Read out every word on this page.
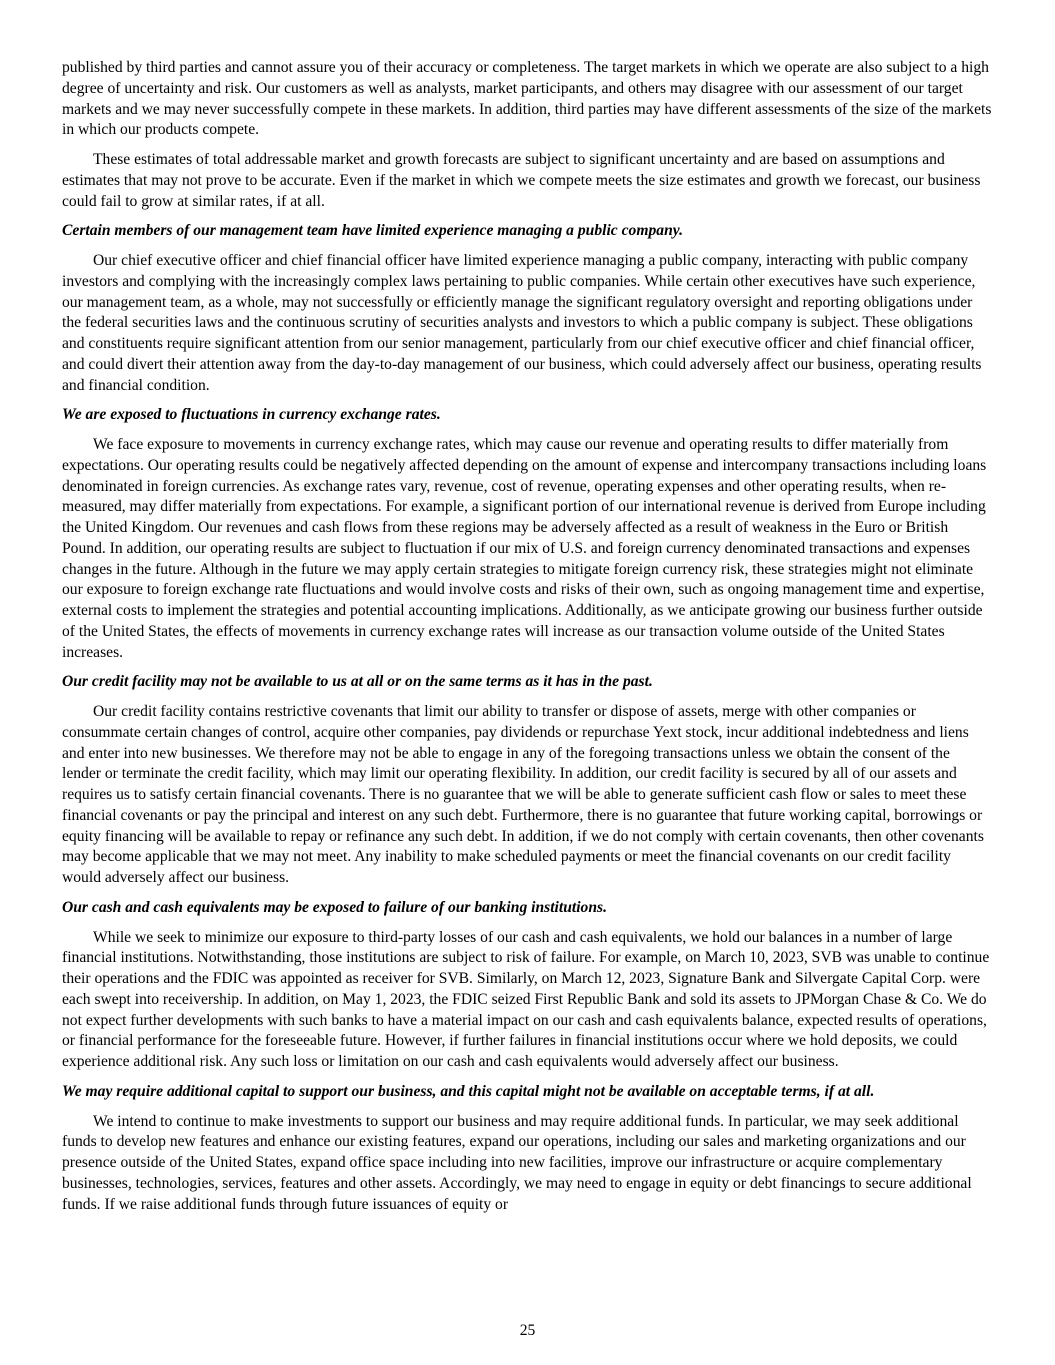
published by third parties and cannot assure you of their accuracy or completeness. The target markets in which we operate are also subject to a high degree of uncertainty and risk. Our customers as well as analysts, market participants, and others may disagree with our assessment of our target markets and we may never successfully compete in these markets. In addition, third parties may have different assessments of the size of the markets in which our products compete.

These estimates of total addressable market and growth forecasts are subject to significant uncertainty and are based on assumptions and estimates that may not prove to be accurate. Even if the market in which we compete meets the size estimates and growth we forecast, our business could fail to grow at similar rates, if at all.

Certain members of our management team have limited experience managing a public company.

Our chief executive officer and chief financial officer have limited experience managing a public company, interacting with public company investors and complying with the increasingly complex laws pertaining to public companies. While certain other executives have such experience, our management team, as a whole, may not successfully or efficiently manage the significant regulatory oversight and reporting obligations under the federal securities laws and the continuous scrutiny of securities analysts and investors to which a public company is subject. These obligations and constituents require significant attention from our senior management, particularly from our chief executive officer and chief financial officer, and could divert their attention away from the day-to-day management of our business, which could adversely affect our business, operating results and financial condition.

We are exposed to fluctuations in currency exchange rates.

We face exposure to movements in currency exchange rates, which may cause our revenue and operating results to differ materially from expectations. Our operating results could be negatively affected depending on the amount of expense and intercompany transactions including loans denominated in foreign currencies. As exchange rates vary, revenue, cost of revenue, operating expenses and other operating results, when re-measured, may differ materially from expectations. For example, a significant portion of our international revenue is derived from Europe including the United Kingdom. Our revenues and cash flows from these regions may be adversely affected as a result of weakness in the Euro or British Pound. In addition, our operating results are subject to fluctuation if our mix of U.S. and foreign currency denominated transactions and expenses changes in the future. Although in the future we may apply certain strategies to mitigate foreign currency risk, these strategies might not eliminate our exposure to foreign exchange rate fluctuations and would involve costs and risks of their own, such as ongoing management time and expertise, external costs to implement the strategies and potential accounting implications. Additionally, as we anticipate growing our business further outside of the United States, the effects of movements in currency exchange rates will increase as our transaction volume outside of the United States increases.

Our credit facility may not be available to us at all or on the same terms as it has in the past.

Our credit facility contains restrictive covenants that limit our ability to transfer or dispose of assets, merge with other companies or consummate certain changes of control, acquire other companies, pay dividends or repurchase Yext stock, incur additional indebtedness and liens and enter into new businesses. We therefore may not be able to engage in any of the foregoing transactions unless we obtain the consent of the lender or terminate the credit facility, which may limit our operating flexibility. In addition, our credit facility is secured by all of our assets and requires us to satisfy certain financial covenants. There is no guarantee that we will be able to generate sufficient cash flow or sales to meet these financial covenants or pay the principal and interest on any such debt. Furthermore, there is no guarantee that future working capital, borrowings or equity financing will be available to repay or refinance any such debt. In addition, if we do not comply with certain covenants, then other covenants may become applicable that we may not meet. Any inability to make scheduled payments or meet the financial covenants on our credit facility would adversely affect our business.

Our cash and cash equivalents may be exposed to failure of our banking institutions.

While we seek to minimize our exposure to third-party losses of our cash and cash equivalents, we hold our balances in a number of large financial institutions. Notwithstanding, those institutions are subject to risk of failure. For example, on March 10, 2023, SVB was unable to continue their operations and the FDIC was appointed as receiver for SVB. Similarly, on March 12, 2023, Signature Bank and Silvergate Capital Corp. were each swept into receivership. In addition, on May 1, 2023, the FDIC seized First Republic Bank and sold its assets to JPMorgan Chase & Co. We do not expect further developments with such banks to have a material impact on our cash and cash equivalents balance, expected results of operations, or financial performance for the foreseeable future. However, if further failures in financial institutions occur where we hold deposits, we could experience additional risk. Any such loss or limitation on our cash and cash equivalents would adversely affect our business.

We may require additional capital to support our business, and this capital might not be available on acceptable terms, if at all.

We intend to continue to make investments to support our business and may require additional funds. In particular, we may seek additional funds to develop new features and enhance our existing features, expand our operations, including our sales and marketing organizations and our presence outside of the United States, expand office space including into new facilities, improve our infrastructure or acquire complementary businesses, technologies, services, features and other assets. Accordingly, we may need to engage in equity or debt financings to secure additional funds. If we raise additional funds through future issuances of equity or

25
